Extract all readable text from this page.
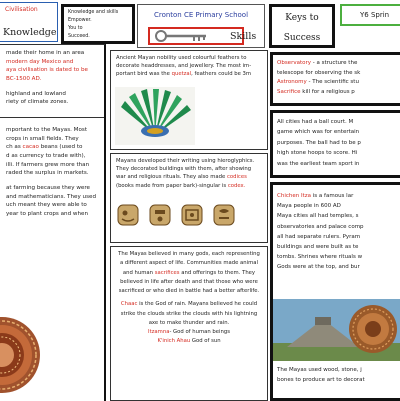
Civilisation
Knowledge
Knowledge and skills
Empower.
You to
Succeed.
Cronton CE Primary School
Skills
Keys to
Success
Y6 Sprin
made their home in an area
modern day Mexico and
aya civilisation is dated to be
BC-1500 AD.
highland and lowland
riety of climate zones.
mportant to the Mayas. Most
crops in small fields. They
ch as cacao beans (used to
d as currency to trade with),
illi. If farmers grew more than
raded the surplus in markets.
at farming because they were
and mathematicians. They used
uch meant they were able to
year to plant crops and when
Ancient Mayan nobility used colourful feathers to
decorate headdresses, and jewellery. The most im-
portant bird was the quetzal, feathers could be 3m
Mayans developed their writing using hieroglyphics.
They decorated buildings with them, after showing
war and religious rituals. They also made codices
(books made from paper bark)-singular is codex.
The Mayas believed in many gods, each representing
a different aspect of life. Communities made animal
and human sacrifices and offerings to them. They
believed in life after death and that those who were
sacrificed or who died in battle had a better afterlife.
Chaac is the God of rain. Mayans believed he could
strike the clouds strike the clouds with his lightning
axe to make thunder and rain.
Itzamna- God of human beings
K'inich Ahau God of sun
Observatory - a structure the
telescope for observing the sk
Astronomy - The scientific stu
Sacrifice kill for a religious p
All cities had a ball court. M
game which was for entertain
purposes. The ball had to be p
high stone hoops to score. Hi
was the earliest team sport in
Chichen Itza is a famous lar
Maya people in 600 AD
Maya cities all had temples, s
observatories and palace comp
all had separate rulers. Pyram
buildings and were built as te
tombs. Shrines where rituals w
Gods were at the top, and bur
The Mayas used wood, stone, j
bones to produce art to decorat
